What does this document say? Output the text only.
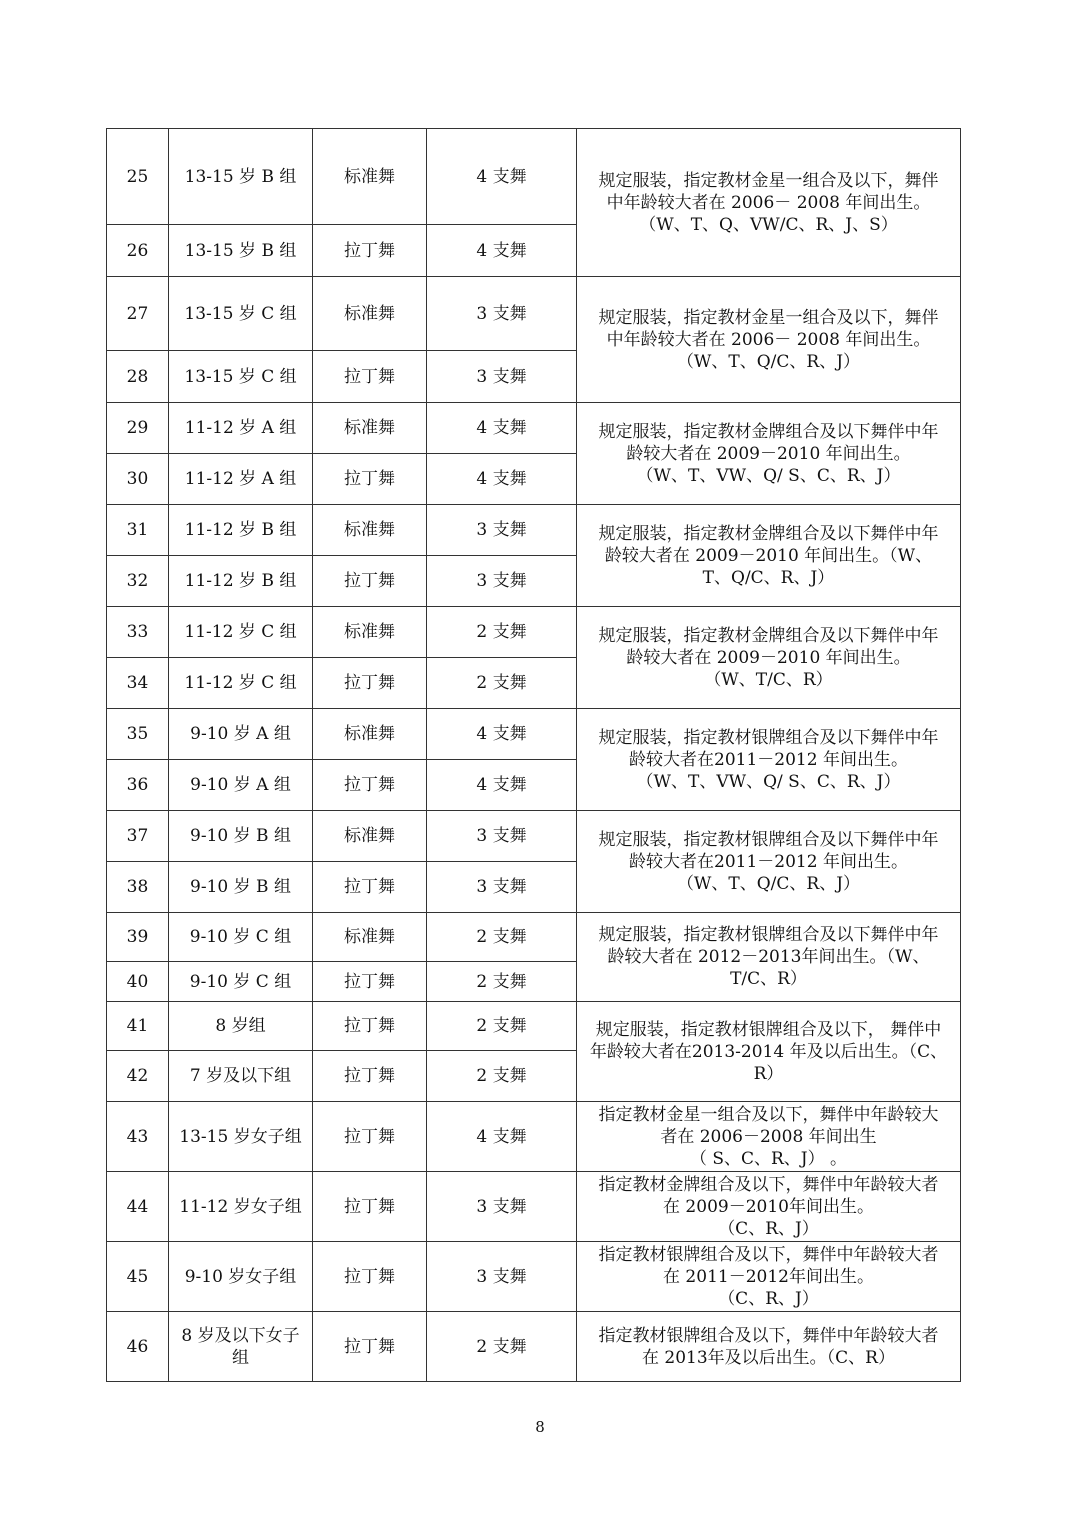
25	13-15 岁 B 组	标准舞	4 支舞	规定服装，指定教材金星一组合及以下，舞伴
中年龄较大者在 2006－ 2008 年间出生。
（W、T、Q、VW/C、R、J、S）

26	13-15 岁 B 组	拉丁舞	4 支舞	
27	13-15 岁 C 组	标准舞	3 支舞	规定服装，指定教材金星一组合及以下，舞伴
中年龄较大者在 2006－ 2008 年间出生。
（W、T、Q/C、R、J）

28	13-15 岁 C 组	拉丁舞	3 支舞	
29	11-12 岁 A 组	标准舞	4 支舞	规定服装，指定教材金牌组合及以下舞伴中年
龄较大者在 2009－2010 年间出生。
（W、T、VW、Q/ S、C、R、J）

30	11-12 岁 A 组	拉丁舞	4 支舞	
31	11-12 岁 B 组	标准舞	3 支舞	规定服装，指定教材金牌组合及以下舞伴中年
龄较大者在 2009－2010 年间出生。（W、
T、Q/C、R、J）

32	11-12 岁 B 组	拉丁舞	3 支舞	
33	11-12 岁 C 组	标准舞	2 支舞	规定服装，指定教材金牌组合及以下舞伴中年
龄较大者在 2009－2010 年间出生。
（W、T/C、R）

34	11-12 岁 C 组	拉丁舞	2 支舞	
35	9-10 岁 A 组	标准舞	4 支舞	规定服装，指定教材银牌组合及以下舞伴中年
龄较大者在2011－2012 年间出生。
（W、T、VW、Q/ S、C、R、J）

36	9-10 岁 A 组	拉丁舞	4 支舞	
37	9-10 岁 B 组	标准舞	3 支舞	规定服装，指定教材银牌组合及以下舞伴中年
龄较大者在2011－2012 年间出生。
（W、T、Q/C、R、J）

38	9-10 岁 B 组	拉丁舞	3 支舞	
39	9-10 岁 C 组	标准舞	2 支舞	规定服装，指定教材银牌组合及以下舞伴中年
龄较大者在 2012－2013年间出生。（W、
T/C、R）

40	9-10 岁 C 组	拉丁舞	2 支舞	
41	8 岁组	拉丁舞	2 支舞	规定服装，指定教材银牌组合及以下， 舞伴中
年龄较大者在2013-2014 年及以后出生。（C、
R）

42	7 岁及以下组	拉丁舞	2 支舞	
43	13-15 岁女子组	拉丁舞	4 支舞	指定教材金星一组合及以下，舞伴中年龄较大
者在 2006－2008 年间出生
（ S、C、R、J） 。

44	11-12 岁女子组	拉丁舞	3 支舞	指定教材金牌组合及以下，舞伴中年龄较大者
在 2009－2010年间出生。
（C、R、J）

45	9-10 岁女子组	拉丁舞	3 支舞	指定教材银牌组合及以下，舞伴中年龄较大者
在 2011－2012年间出生。
（C、R、J）

46	8 岁及以下女子组	拉丁舞	2 支舞	指定教材银牌组合及以下，舞伴中年龄较大者
在 2013年及以后出生。（C、R）
8
